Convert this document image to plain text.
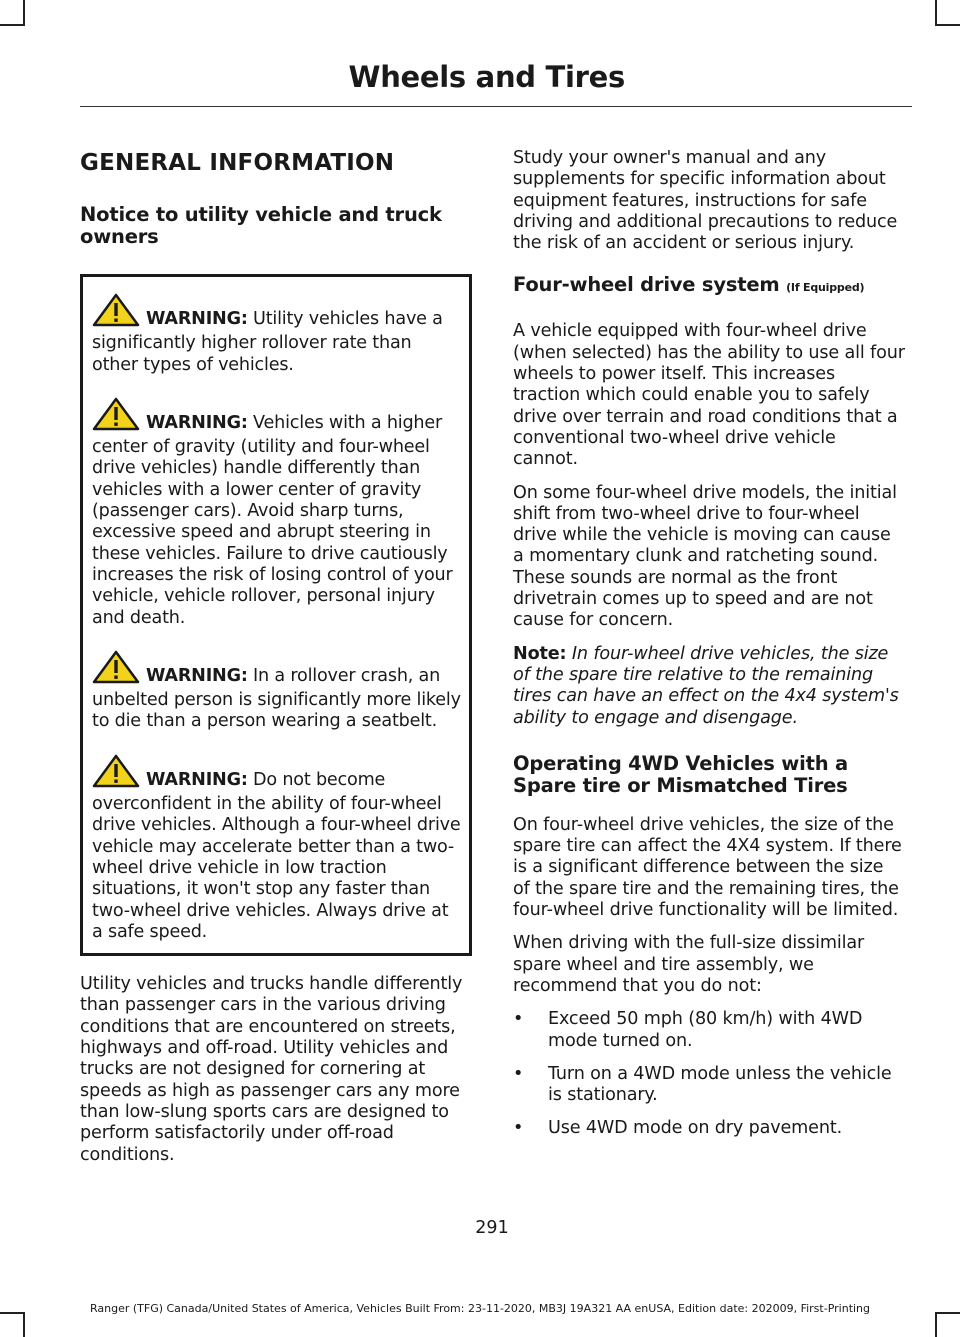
Wheels and Tires
GENERAL INFORMATION
Notice to utility vehicle and truck owners
WARNING: Utility vehicles have a significantly higher rollover rate than other types of vehicles.
WARNING: Vehicles with a higher center of gravity (utility and four-wheel drive vehicles) handle differently than vehicles with a lower center of gravity (passenger cars). Avoid sharp turns, excessive speed and abrupt steering in these vehicles. Failure to drive cautiously increases the risk of losing control of your vehicle, vehicle rollover, personal injury and death.
WARNING: In a rollover crash, an unbelted person is significantly more likely to die than a person wearing a seatbelt.
WARNING: Do not become overconfident in the ability of four-wheel drive vehicles. Although a four-wheel drive vehicle may accelerate better than a two-wheel drive vehicle in low traction situations, it won't stop any faster than two-wheel drive vehicles. Always drive at a safe speed.

Utility vehicles and trucks handle differently than passenger cars in the various driving conditions that are encountered on streets, highways and off-road. Utility vehicles and trucks are not designed for cornering at speeds as high as passenger cars any more than low-slung sports cars are designed to perform satisfactorily under off-road conditions.

Study your owner's manual and any supplements for specific information about equipment features, instructions for safe driving and additional precautions to reduce the risk of an accident or serious injury.

Four-wheel drive system (If Equipped)

A vehicle equipped with four-wheel drive (when selected) has the ability to use all four wheels to power itself. This increases traction which could enable you to safely drive over terrain and road conditions that a conventional two-wheel drive vehicle cannot.

On some four-wheel drive models, the initial shift from two-wheel drive to four-wheel drive while the vehicle is moving can cause a momentary clunk and ratcheting sound. These sounds are normal as the front drivetrain comes up to speed and are not cause for concern.

Note: In four-wheel drive vehicles, the size of the spare tire relative to the remaining tires can have an effect on the 4x4 system's ability to engage and disengage.

Operating 4WD Vehicles with a Spare tire or Mismatched Tires

On four-wheel drive vehicles, the size of the spare tire can affect the 4X4 system. If there is a significant difference between the size of the spare tire and the remaining tires, the four-wheel drive functionality will be limited.

When driving with the full-size dissimilar spare wheel and tire assembly, we recommend that you do not:

• Exceed 50 mph (80 km/h) with 4WD mode turned on.
• Turn on a 4WD mode unless the vehicle is stationary.
• Use 4WD mode on dry pavement.
291
Ranger (TFG) Canada/United States of America, Vehicles Built From: 23-11-2020, MB3J 19A321 AA enUSA, Edition date: 202009, First-Printing
